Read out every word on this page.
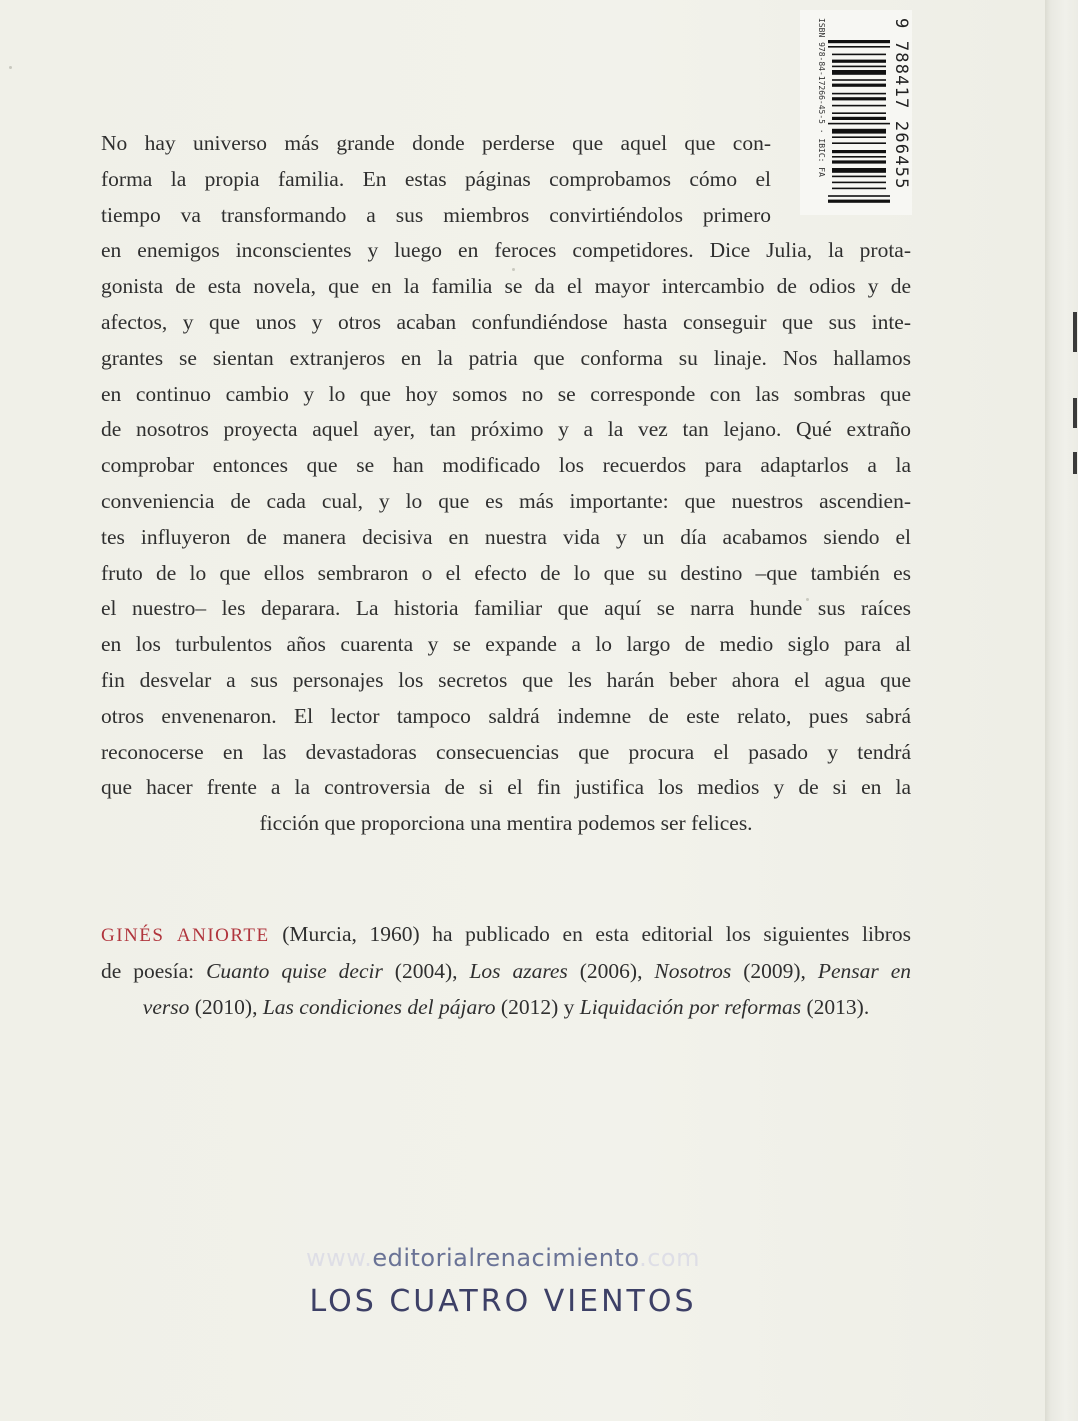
ISBN 978-84-17266-45-5 · IBIC: FA	9 788417 266455
No hay universo más grande donde perderse que aquel que con-
forma la propia familia. En estas páginas comprobamos cómo el
tiempo va transformando a sus miembros convirtiéndolos primero
en enemigos inconscientes y luego en feroces competidores. Dice Julia, la prota-
gonista de esta novela, que en la familia se da el mayor intercambio de odios y de
afectos, y que unos y otros acaban confundiéndose hasta conseguir que sus inte-
grantes se sientan extranjeros en la patria que conforma su linaje. Nos hallamos
en continuo cambio y lo que hoy somos no se corresponde con las sombras que
de nosotros proyecta aquel ayer, tan próximo y a la vez tan lejano. Qué extraño
comprobar entonces que se han modificado los recuerdos para adaptarlos a la
conveniencia de cada cual, y lo que es más importante: que nuestros ascendien-
tes influyeron de manera decisiva en nuestra vida y un día acabamos siendo el
fruto de lo que ellos sembraron o el efecto de lo que su destino –que también es
el nuestro– les deparara. La historia familiar que aquí se narra hunde sus raíces
en los turbulentos años cuarenta y se expande a lo largo de medio siglo para al
fin desvelar a sus personajes los secretos que les harán beber ahora el agua que
otros envenenaron. El lector tampoco saldrá indemne de este relato, pues sabrá
reconocerse en las devastadoras consecuencias que procura el pasado y tendrá
que hacer frente a la controversia de si el fin justifica los medios y de si en la
ficción que proporciona una mentira podemos ser felices.
GINÉS ANIORTE (Murcia, 1960) ha publicado en esta editorial los siguientes libros
de poesía: Cuanto quise decir (2004), Los azares (2006), Nosotros (2009), Pensar en
verso (2010), Las condiciones del pájaro (2012) y Liquidación por reformas (2013).
www.editorialrenacimiento.com
LOS CUATRO VIENTOS
